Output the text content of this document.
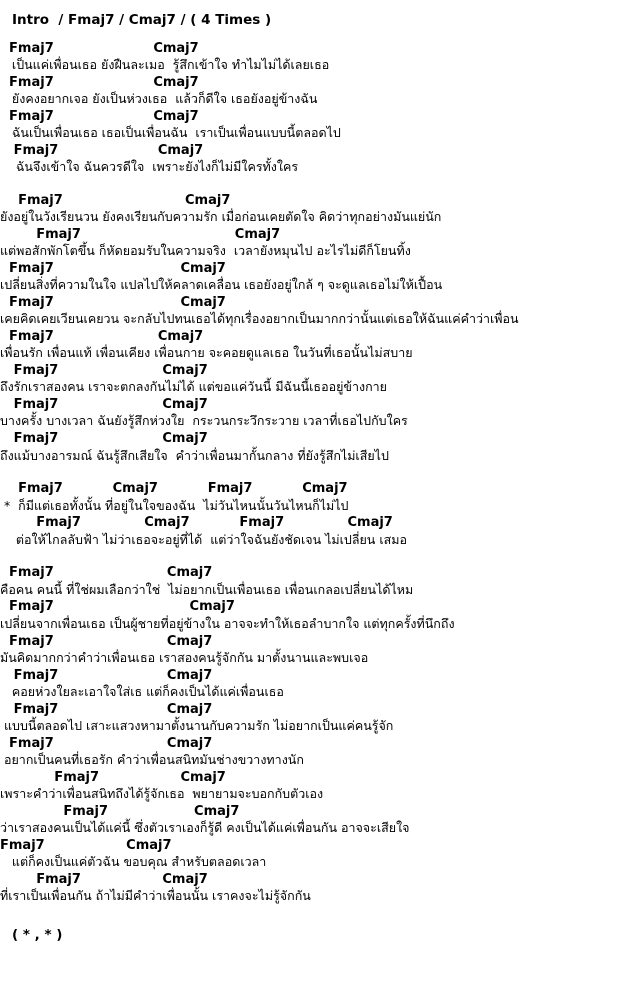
Intro  / Fmaj7 / Cmaj7 / ( 4 Times )
Fmaj7                      Cmaj7
เป็นแค่เพื่อนเธอ ยังฝืนละเมอ  รู้สึกเข้าใจ ทำไมไม่ได้เลยเธอ
Fmaj7                      Cmaj7
ยังคงอยากเจอ ยังเป็นห่วงเธอ  แล้วก็ดีใจ เธอยังอยู่ข้างฉัน
Fmaj7                      Cmaj7
ฉันเป็นเพื่อนเธอ เธอเป็นเพื่อนฉัน  เราเป็นเพื่อนแบบนี้ตลอดไป
Fmaj7                      Cmaj7
ฉันจึงเข้าใจ ฉันควรดีใจ  เพราะยังไงก็ไม่มีใครทั้งใคร
Fmaj7                           Cmaj7
ยังอยู่ในวังเรียนวน ยังคงเรียนกับความรัก เมื่อก่อนเคยตัดใจ คิดว่าทุกอย่างมันแย่นัก
Fmaj7                                  Cmaj7
แต่พอสักพักโตขึ้น ก็หัดยอมรับในความจริง  เวลายังหมุนไป อะไรไม่ดีก็โยนทิ้ง
Fmaj7                            Cmaj7
เปลี่ยนสิ่งที่ความในใจ แปลไปให้คลาดเคลื่อน เธอยังอยู่ใกล้ ๆ จะดูแลเธอไม่ให้เปื้อน
Fmaj7                            Cmaj7
เคยคิดเคยเวียนเคยวน จะกลับไปทนเธอได้ทุกเรื่องอยากเป็นมากกว่านั้นแต่เธอให้ฉันแค่คำว่าเพื่อน
Fmaj7                       Cmaj7
เพื่อนรัก เพื่อนแท้ เพื่อนเคียง เพื่อนกาย จะคอยดูแลเธอ ในวันที่เธอนั้นไม่สบาย
Fmaj7                       Cmaj7
ถึงรักเราสองคน เราจะตกลงกันไม่ได้ แต่ขอแค่วันนี้ มีฉันนี้เธออยู่ข้างกาย
Fmaj7                       Cmaj7
บางครั้ง บางเวลา ฉันยังรู้สึกห่วงใย  กระวนกระวึกระวาย เวลาที่เธอไปกับใคร
Fmaj7                       Cmaj7
ถึงแม้บางอารมณ์ ฉันรู้สึกเสียใจ  คำว่าเพื่อนมากั้นกลาง ที่ยังรู้สึกไม่เสียไป
Fmaj7           Cmaj7           Fmaj7           Cmaj7
*  ก็มีแต่เธอทั้งนั้น ที่อยู่ในใจของฉัน  ไม่วันไหนนั้นวันไหนก็ไม่ไป
Fmaj7              Cmaj7           Fmaj7              Cmaj7
ต่อให้ไกลลับฟ้า ไม่ว่าเธอจะอยู่ที่ได้  แต่ว่าใจฉันยังชัดเจน ไม่เปลี่ยน เสมอ
Fmaj7                         Cmaj7
คือคน คนนี้ ที่ใช่ผมเลือกว่าใช่  ไม่อยากเป็นเพื่อนเธอ เพื่อนเกลอเปลี่ยนได้ไหม
Fmaj7                              Cmaj7
เปลี่ยนจากเพื่อนเธอ เป็นผู้ชายที่อยู่ข้างใน อาจจะทำให้เธอลำบากใจ แต่ทุกครั้งที่นึกถึง
Fmaj7                         Cmaj7
มันคิดมากกว่าคำว่าเพื่อนเธอ เราสองคนรู้จักกัน มาตั้งนานและพบเจอ
Fmaj7                        Cmaj7
คอยห่วงใยละเอาใจใส่เธ แต่ก็คงเป็นได้แค่เพื่อนเธอ
Fmaj7                        Cmaj7
แบบนี้ตลอดไป เสาะแสวงหามาตั้งนานกับความรัก ไม่อยากเป็นแค่คนรู้จัก
Fmaj7                         Cmaj7
อยากเป็นคนที่เธอรัก คำว่าเพื่อนสนิทมันช่างขวางทางนัก
Fmaj7                  Cmaj7
เพราะคำว่าเพื่อนสนิทถึงได้รู้จักเธอ  พยายามจะบอกกับตัวเอง
Fmaj7                   Cmaj7
ว่าเราสองคนเป็นได้แค่นี้ ซึ่งตัวเราเองก็รู้ดี คงเป็นได้แค่เพื่อนกัน อาจจะเสียใจ
Fmaj7                  Cmaj7
แต่ก็คงเป็นแค่ตัวฉัน ขอบคุณ สำหรับตลอดเวลา
Fmaj7                  Cmaj7
ที่เราเป็นเพื่อนกัน ถ้าไม่มีคำว่าเพื่อนนั้น เราคงจะไม่รู้จักกัน
( * , * )
